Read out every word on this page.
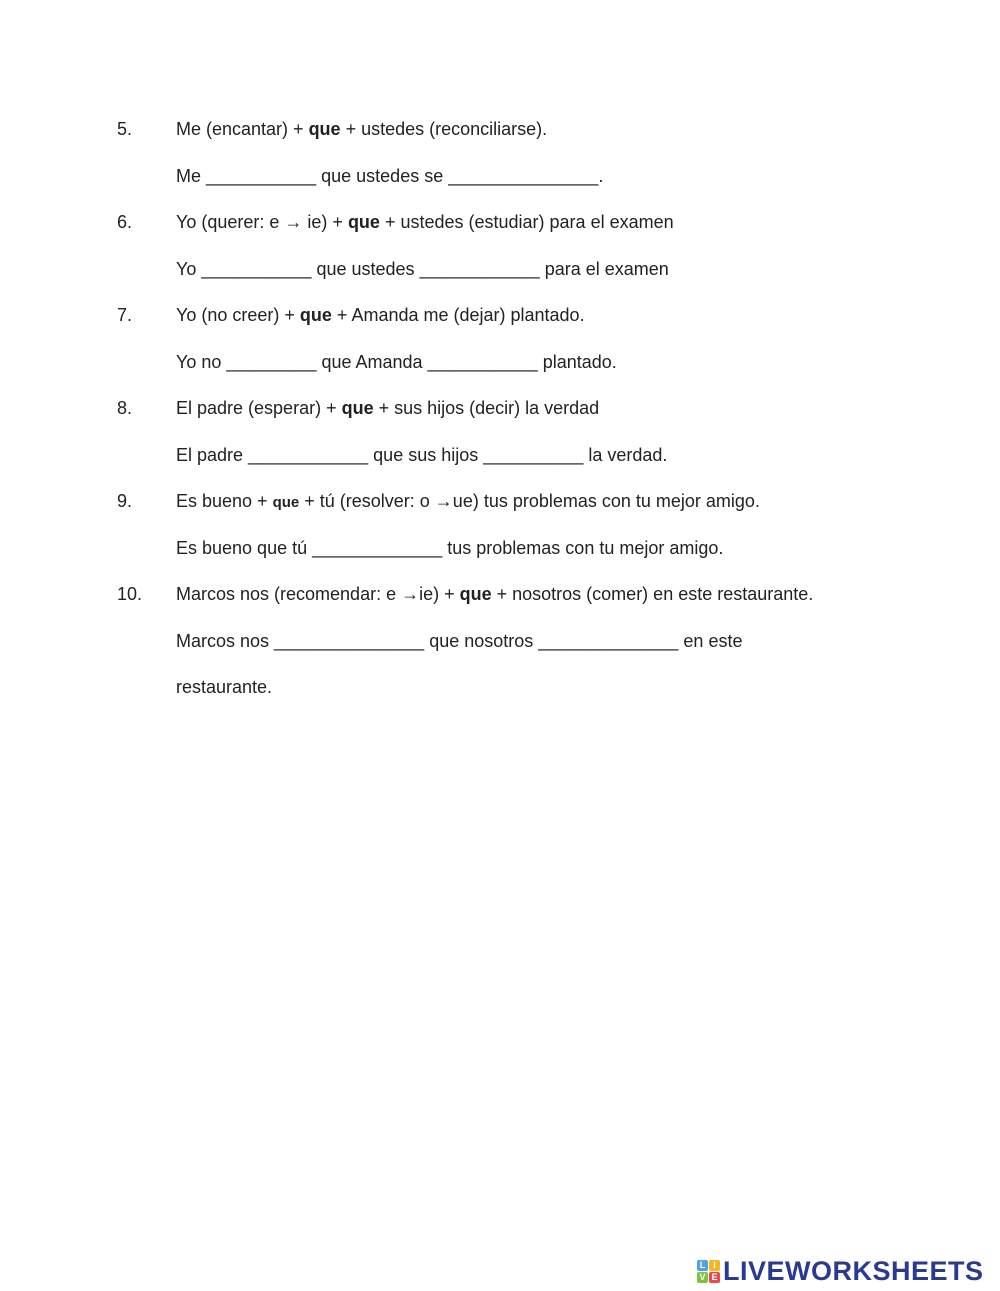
5. Me (encantar) + que + ustedes (reconciliarse).
Me ___________ que ustedes se _______________.
6. Yo (querer: e → ie) + que + ustedes (estudiar) para el examen
Yo ___________ que ustedes ____________ para el examen
7. Yo (no creer) + que + Amanda me (dejar) plantado.
Yo no _________ que Amanda ___________ plantado.
8. El padre (esperar) + que + sus hijos (decir) la verdad
El padre ____________ que sus hijos __________ la verdad.
9. Es bueno + que + tú (resolver: o →ue) tus problemas con tu mejor amigo.
Es bueno que tú _____________ tus problemas con tu mejor amigo.
10. Marcos nos (recomendar: e →ie) + que + nosotros (comer) en este restaurante.
Marcos nos _______________ que nosotros ______________ en este
restaurante.
L I
V E LIVEWORKSHEETS
